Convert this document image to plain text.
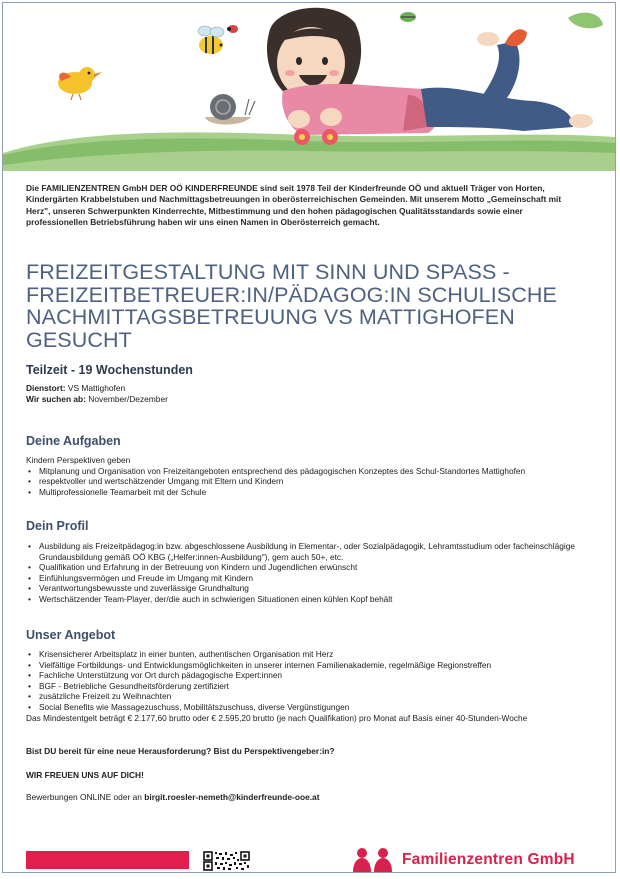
Die FAMILIENZENTREN GmbH DER OÖ KINDERFREUNDE sind seit 1978 Teil der Kinderfreunde OÖ und aktuell Träger von Horten, Kindergärten Krabbelstuben und Nachmittagsbetreuungen in oberösterreichischen Gemeinden. Mit unserem Motto „Gemeinschaft mit Herz", unseren Schwerpunkten Kinderrechte, Mitbestimmung und den hohen pädagogischen Qualitätsstandards sowie einer professionellen Betriebsführung haben wir uns einen Namen in Oberösterreich gemacht.
FREIZEITGESTALTUNG MIT SINN UND SPASS -
FREIZEITBETREUER:IN/PÄDAGOG:IN SCHULISCHE
NACHMITTAGSBETREUUNG VS MATTIGHOFEN
GESUCHT
Teilzeit - 19 Wochenstunden
Dienstort: VS Mattighofen
Wir suchen ab: November/Dezember
Deine Aufgaben
Kindern Perspektiven geben
• Mitplanung und Organisation von Freizeitangeboten entsprechend des pädagogischen Konzeptes des Schul-Standortes Mattighofen
• respektvoller und wertschätzender Umgang mit Eltern und Kindern
• Multiprofessionelle Teamarbeit mit der Schule
Dein Profil
• Ausbildung als Freizeitpädagog:in bzw. abgeschlossene Ausbildung in Elementar-, oder Sozialpädagogik, Lehramtsstudium oder facheinschlägige Grundausbildung gemäß OÖ KBG („Helfer:innen-Ausbildung"), gern auch 50+, etc.
• Qualifikation und Erfahrung in der Betreuung von Kindern und Jugendlichen erwünscht
• Einfühlungsvermögen und Freude im Umgang mit Kindern
• Verantwortungsbewusste und zuverlässige Grundhaltung
• Wertschätzender Team-Player, der/die auch in schwierigen Situationen einen kühlen Kopf behält
Unser Angebot
• Krisensicherer Arbeitsplatz in einer bunten, authentischen Organisation mit Herz
• Vielfältige Fortbildungs- und Entwicklungsmöglichkeiten in unserer internen Familienakademie, regelmäßige Regionstreffen
• Fachliche Unterstützung vor Ort durch pädagogische Expert:innen
• BGF - Betriebliche Gesundheitsförderung zertifiziert
• zusätzliche Freizeit zu Weihnachten
• Social Benefits wie Massagezuschuss, Mobilitätszuschuss, diverse Vergünstigungen
Das Mindestentgelt beträgt € 2.177,60 brutto oder € 2.595,20 brutto (je nach Qualifikation) pro Monat auf Basis einer 40-Stunden-Woche
Bist DU bereit für eine neue Herausforderung? Bist du Perspektivengeber:in?
WIR FREUEN UNS AUF DICH!
Bewerbungen ONLINE oder an birgit.roesler-nemeth@kinderfreunde-ooe.at
Familienzentren GmbH
